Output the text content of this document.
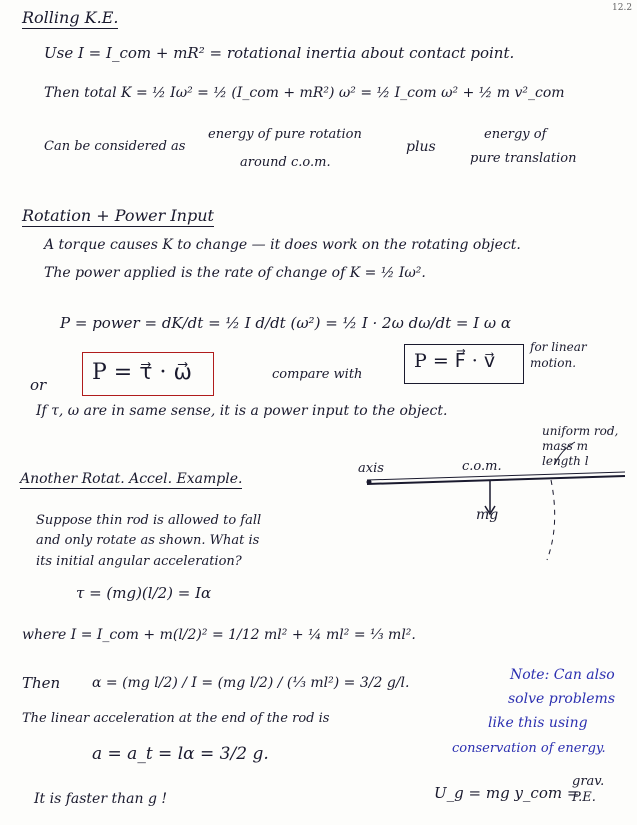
12.2
Rolling K.E.
Use I = I_com + mR² = rotational inertia about contact point.
Then total K = ½ Iω² = ½ (I_com + mR²) ω² = ½ I_com ω² + ½ m v²_com
Can be considered as
energy of pure rotation
around c.o.m.
plus
energy of
pure translation
Rotation + Power Input
A torque causes K to change — it does work on the rotating object.
The power applied is the rate of change of K = ½ Iω².
P = power = dK/dt = ½ I d/dt (ω²) = ½ I · 2ω dω/dt = I ω α
or P = τ⃗ · ω⃗	compare with
P = F⃗ · v⃗
for linear motion.
If τ, ω are in same sense, it is a power input to the object.
Another Rotat. Accel. Example.
axis	c.o.m.
mg
uniform rod, mass m length l
Suppose thin rod is allowed to fall
and only rotate as shown. What is
its initial angular acceleration?
τ = (mg)(l/2) = Iα
where I = I_com + m(l/2)² = 1/12 ml² + ¼ ml² = ⅓ ml².
Then α = (mg l/2) / I = (mg l/2) / (⅓ ml²) = 3/2 g/l.
The linear acceleration at the end of the rod is
a = a_t = lα = 3/2 g.
It is faster than g !
Note: Can also
solve problems
like this using
conservation of energy.
U_g = mg y_com =
grav. P.E.
